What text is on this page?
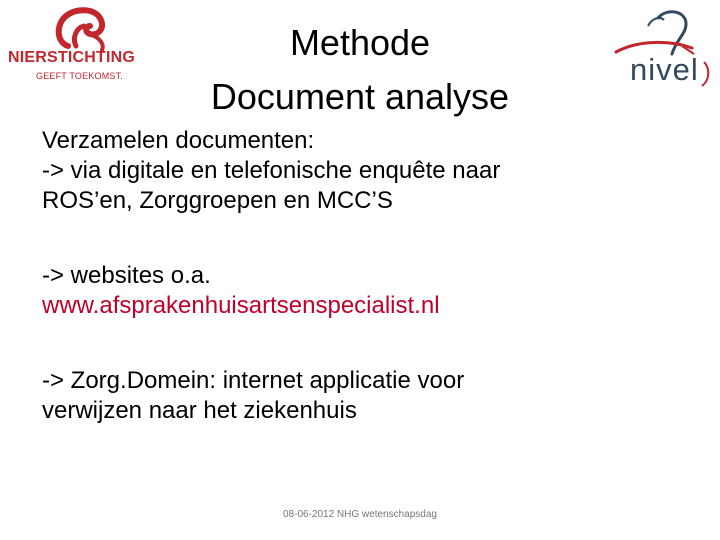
NIERSTICHTING
GEEFT TOEKOMST.	nivel
Methode
Document analyse
Verzamelen documenten:
-> via digitale en telefonische enquête naar
ROS’en, Zorggroepen en MCC’S
-> websites o.a.
www.afsprakenhuisartsenspecialist.nl
-> Zorg.Domein: internet applicatie voor
verwijzen naar het ziekenhuis
08-06-2012 NHG wetenschapsdag
